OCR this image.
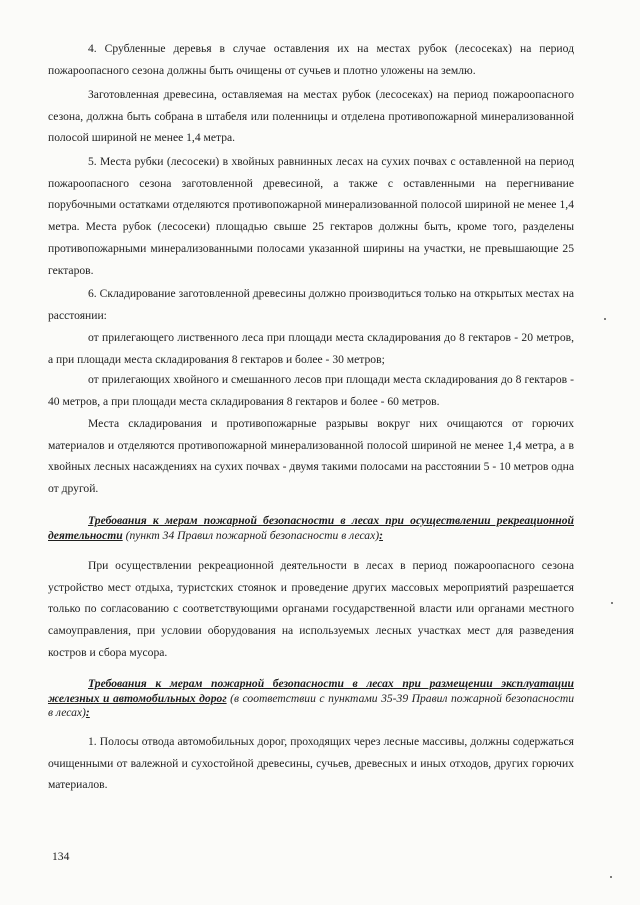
4. Срубленные деревья в случае оставления их на местах рубок (лесосеках) на период пожароопасного сезона должны быть очищены от сучьев и плотно уложены на землю.

Заготовленная древесина, оставляемая на местах рубок (лесосеках) на период пожароопасного сезона, должна быть собрана в штабеля или поленницы и отделена противопожарной минерализованной полосой шириной не менее 1,4 метра.

5. Места рубки (лесосеки) в хвойных равнинных лесах на сухих почвах с оставленной на период пожароопасного сезона заготовленной древесиной, а также с оставленными на перегнивание порубочными остатками отделяются противопожарной минерализованной полосой шириной не менее 1,4 метра. Места рубок (лесосеки) площадью свыше 25 гектаров должны быть, кроме того, разделены противопожарными минерализованными полосами указанной ширины на участки, не превышающие 25 гектаров.

6. Складирование заготовленной древесины должно производиться только на открытых местах на расстоянии:

от прилегающего лиственного леса при площади места складирования до 8 гектаров - 20 метров, а при площади места складирования 8 гектаров и более - 30 метров;

от прилегающих хвойного и смешанного лесов при площади места складирования до 8 гектаров - 40 метров, а при площади места складирования 8 гектаров и более - 60 метров.

Места складирования и противопожарные разрывы вокруг них очищаются от горючих материалов и отделяются противопожарной минерализованной полосой шириной не менее 1,4 метра, а в хвойных лесных насаждениях на сухих почвах - двумя такими полосами на расстоянии 5 - 10 метров одна от другой.

Требования к мерам пожарной безопасности в лесах при осуществлении рекреационной деятельности (пункт 34 Правил пожарной безопасности в лесах):

При осуществлении рекреационной деятельности в лесах в период пожароопасного сезона устройство мест отдыха, туристских стоянок и проведение других массовых мероприятий разрешается только по согласованию с соответствующими органами государственной власти или органами местного самоуправления, при условии оборудования на используемых лесных участках мест для разведения костров и сбора мусора.

Требования к мерам пожарной безопасности в лесах при размещении эксплуатации железных и автомобильных дорог (в соответствии с пунктами 35-39 Правил пожарной безопасности в лесах):

1. Полосы отвода автомобильных дорог, проходящих через лесные массивы, должны содержаться очищенными от валежной и сухостойной древесины, сучьев, древесных и иных отходов, других горючих материалов.

134
